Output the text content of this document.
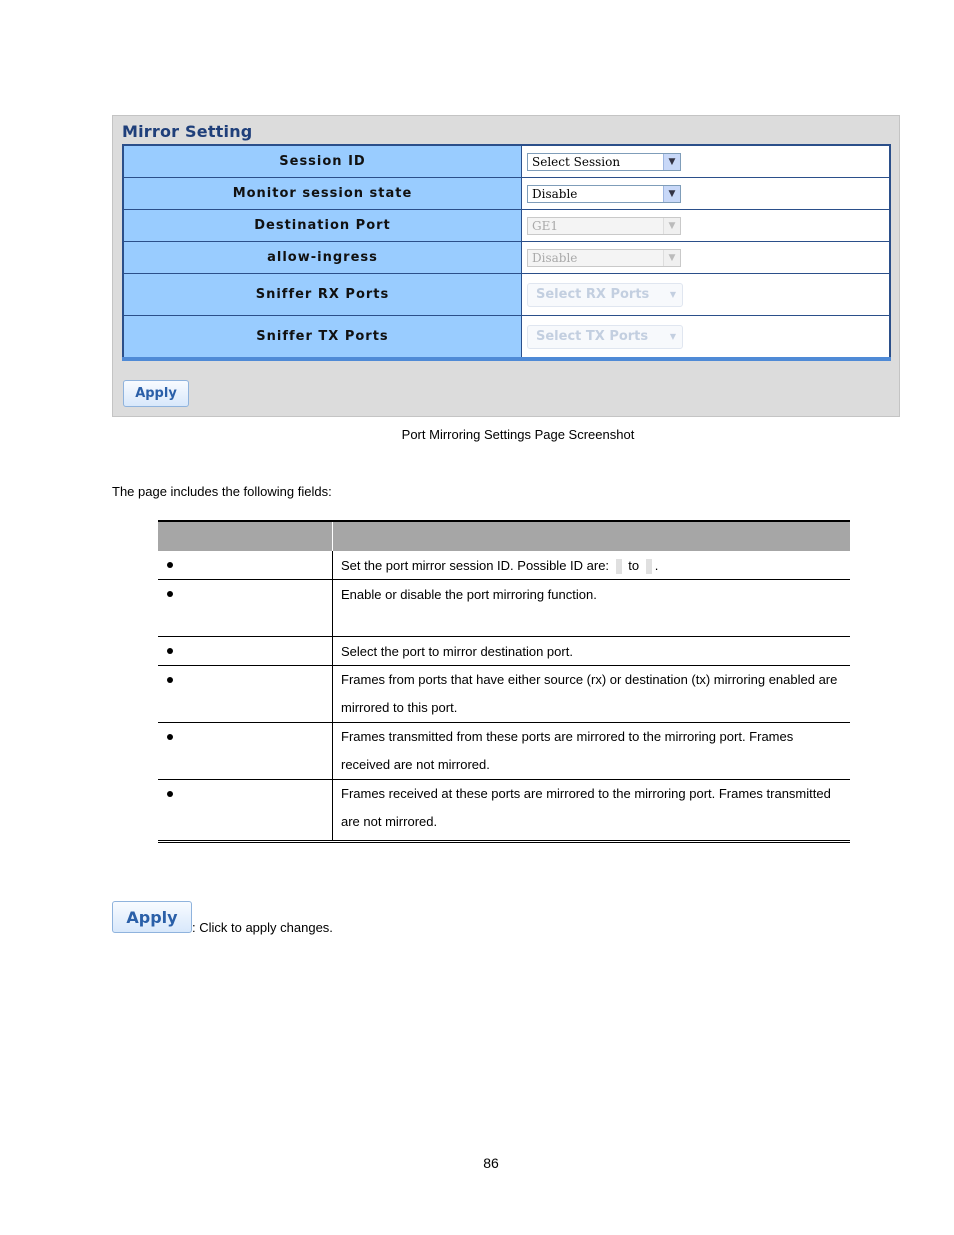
Mirror Setting
Session ID	Select Session ▼

Monitor session state	Disable ▼

Destination Port	GE1 ▼

allow-ingress	Disable ▼

Sniffer RX Ports	Select RX Ports ▼

Sniffer TX Ports	Select TX Ports ▼
Apply
Port Mirroring Settings Page Screenshot
The page includes the following fields:

	Set the port mirror session ID. Possible ID are: to .

	Enable or disable the port mirroring function.

	Select the port to mirror destination port.

	Frames from ports that have either source (rx) or destination (tx) mirroring enabled are mirrored to this port.

	Frames transmitted from these ports are mirrored to the mirroring port. Frames received are not mirrored.

	Frames received at these ports are mirrored to the mirroring port. Frames transmitted are not mirrored.
Apply
: Click to apply changes.
86
